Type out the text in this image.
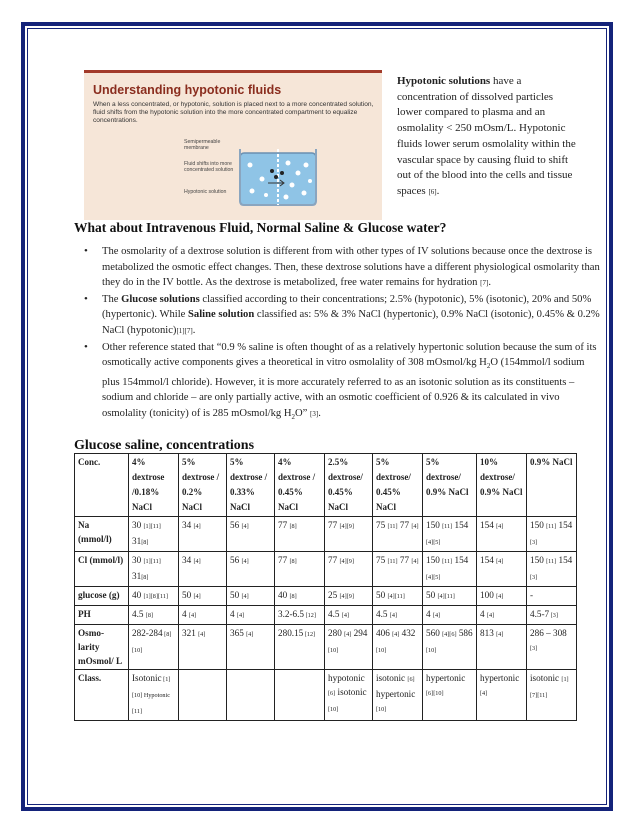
Understanding hypotonic fluids
When a less concentrated, or hypotonic, solution is placed next to a more concentrated solution, fluid shifts from the hypotonic solution into the more concentrated compartment to equalize concentrations.
Semipermeable membrane
Fluid shifts into more concentrated solution
Hypotonic solution
Hypotonic solutions have a concentration of dissolved particles lower compared to plasma and an osmolality < 250 mOsm/L. Hypotonic fluids lower serum osmolality within the vascular space by causing fluid to shift out of the blood into the cells and tissue spaces [6].
What about Intravenous Fluid, Normal Saline & Glucose water?
• The osmolarity of a dextrose solution is different from with other types of IV solutions because once the dextrose is metabolized the osmotic effect changes. Then, these dextrose solutions have a different physiological osmolarity than they do in the IV bottle. As the dextrose is metabolized, free water remains for hydration [7].
• The Glucose solutions classified according to their concentrations; 2.5% (hypotonic), 5% (isotonic), 20% and 50% (hypertonic). While Saline solution classified as: 5% & 3% NaCl (hypertonic), 0.9% NaCl (isotonic), 0.45% & 0.2% NaCl (hypotonic)[1][7].
• Other reference stated that “0.9 % saline is often thought of as a relatively hypertonic solution because the sum of its osmotically active components gives a theoretical in vitro osmolality of 308 mOsmol/kg $H_2O$ (154mmol/l sodium plus 154mmol/l chloride). However, it is more accurately referred to as an isotonic solution as its constituents – sodium and chloride – are only partially active, with an osmotic coefficient of 0.926 & its calculated in vivo osmolality (tonicity) of is 285 mOsmol/kg $H_2O$” [3].
Glucose saline, concentrations
Conc.	4% dextrose /0.18% NaCl	5% dextrose / 0.2% NaCl	5% dextrose / 0.33% NaCl	4% dextrose / 0.45% NaCl	2.5% dextrose/ 0.45% NaCl	5% dextrose/ 0.45% NaCl	5% dextrose/ 0.9% NaCl	10% dextrose/ 0.9% NaCl	0.9% NaCl
Na (mmol/l)	30 [1][11] 31[8]	34 [4]	56 [4]	77 [8]	77 [4][9]	75 [11] 77 [4]	150 [11] 154 [4][5]	154 [4]	150 [11] 154 [3]
Cl (mmol/l)	30 [1][11] 31[8]	34 [4]	56 [4]	77 [8]	77 [4][9]	75 [11] 77 [4]	150 [11] 154 [4][5]	154 [4]	150 [11] 154 [3]
glucose (g)	40 [1][8][11]	50 [4]	50 [4]	40 [8]	25 [4][9]	50 [4][11]	50 [4][11]	100 [4]	-
PH	4.5 [8]	4 [4]	4 [4]	3.2-6.5 [12]	4.5 [4]	4.5 [4]	4 [4]	4 [4]	4.5-7 [3]
Osmo-larity mOsmol/ L	282-284 [8][10]	321 [4]	365 [4]	280.15 [12]	280 [4] 294 [10]	406 [4] 432 [10]	560 [4][6] 586 [10]	813 [4]	286 – 308 [3]
Class.	Isotonic [1][10] Hypotonic [11]				hypotonic [6] isotonic [10]	isotonic [6] hypertonic [10]	hypertonic [6][10]	hypertonic [4]	isotonic [1][7][11]
